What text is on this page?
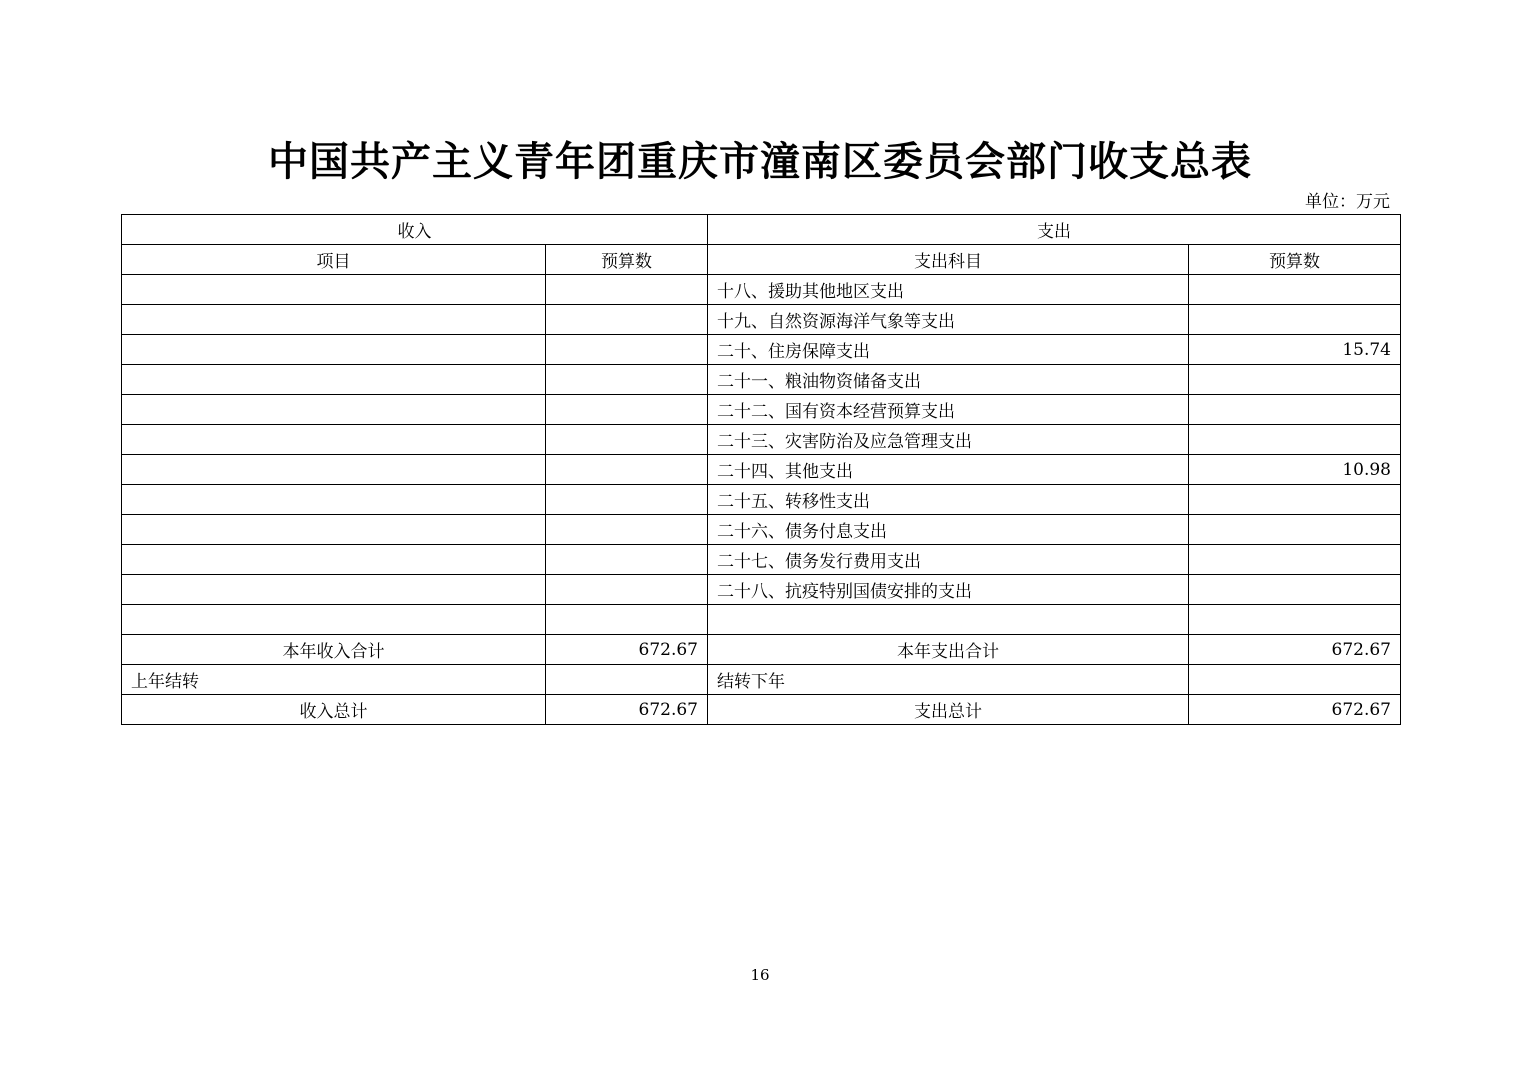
中国共产主义青年团重庆市潼南区委员会部门收支总表
单位：万元
收入		支出	
项目	预算数	支出科目	预算数
		十八、援助其他地区支出	
		十九、自然资源海洋气象等支出	
		二十、住房保障支出	15.74
		二十一、粮油物资储备支出	
		二十二、国有资本经营预算支出	
		二十三、灾害防治及应急管理支出	
		二十四、其他支出	10.98
		二十五、转移性支出	
		二十六、债务付息支出	
		二十七、债务发行费用支出	
		二十八、抗疫特别国债安排的支出	

本年收入合计	672.67	本年支出合计	672.67
上年结转		结转下年	
收入总计	672.67	支出总计	672.67
16
